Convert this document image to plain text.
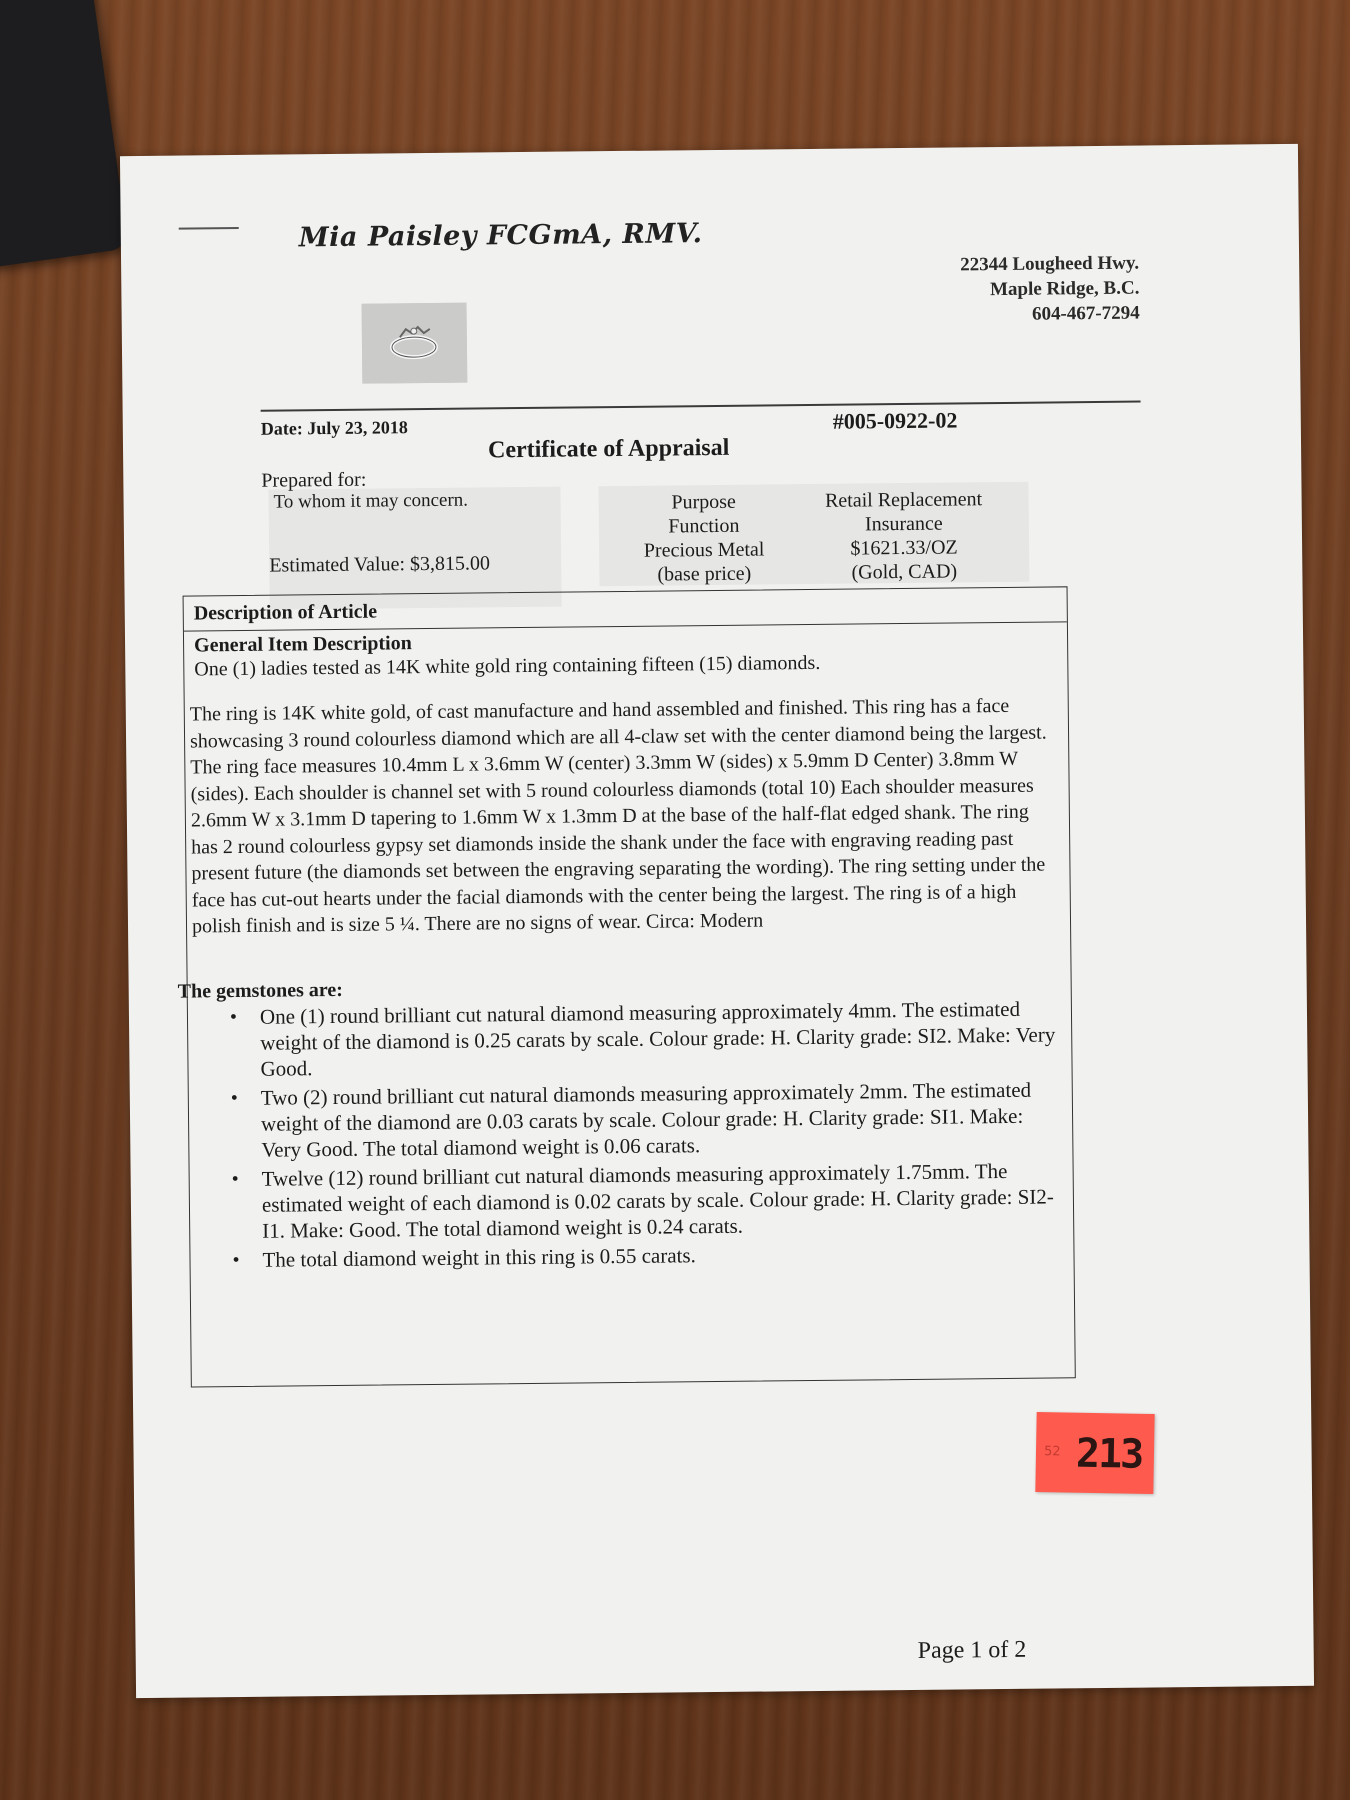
Mia Paisley FCGmA, RMV.
22344 Lougheed Hwy.
Maple Ridge, B.C.
604-467-7294
Date: July 23, 2018	#005-0922-02
Certificate of Appraisal
Prepared for:
To whom it may concern.
Estimated Value: $3,815.00
Purpose
Function
Precious Metal
(base price)
Retail Replacement
Insurance
$1621.33/OZ
(Gold, CAD)
Description of Article
General Item Description
One (1) ladies tested as 14K white gold ring containing fifteen (15) diamonds.
The ring is 14K white gold, of cast manufacture and hand assembled and finished. This ring has a face showcasing 3 round colourless diamond which are all 4-claw set with the center diamond being the largest. The ring face measures 10.4mm L x 3.6mm W (center) 3.3mm W (sides) x 5.9mm D Center) 3.8mm W (sides). Each shoulder is channel set with 5 round colourless diamonds (total 10) Each shoulder measures 2.6mm W x 3.1mm D tapering to 1.6mm W x 1.3mm D at the base of the half-flat edged shank. The ring has 2 round colourless gypsy set diamonds inside the shank under the face with engraving reading past present future (the diamonds set between the engraving separating the wording). The ring setting under the face has cut-out hearts under the facial diamonds with the center being the largest. The ring is of a high polish finish and is size 5 ¼. There are no signs of wear. Circa: Modern
The gemstones are:
• One (1) round brilliant cut natural diamond measuring approximately 4mm. The estimated weight of the diamond is 0.25 carats by scale. Colour grade: H. Clarity grade: SI2. Make: Very Good.
• Two (2) round brilliant cut natural diamonds measuring approximately 2mm. The estimated weight of the diamond are 0.03 carats by scale. Colour grade: H. Clarity grade: SI1. Make: Very Good. The total diamond weight is 0.06 carats.
• Twelve (12) round brilliant cut natural diamonds measuring approximately 1.75mm. The estimated weight of each diamond is 0.02 carats by scale. Colour grade: H. Clarity grade: SI2-I1. Make: Good. The total diamond weight is 0.24 carats.
• The total diamond weight in this ring is 0.55 carats.
Page 1 of 2
52 213
